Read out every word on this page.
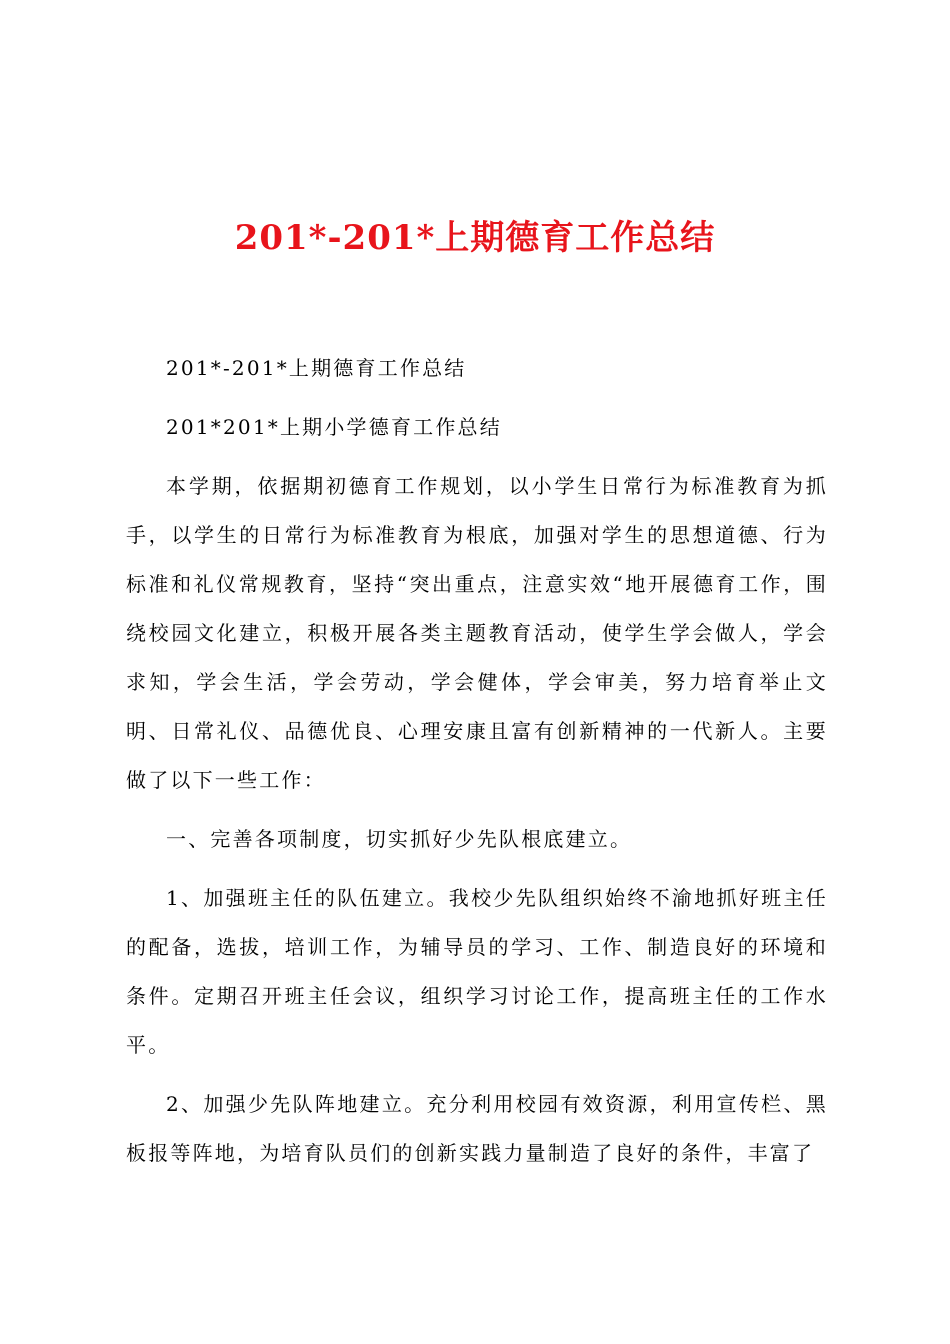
201*-201*上期德育工作总结

201*-201*上期德育工作总结

201*201*上期小学德育工作总结

本学期，依据期初德育工作规划，以小学生日常行为标准教育为抓手，以学生的日常行为标准教育为根底，加强对学生的思想道德、行为标准和礼仪常规教育，坚持“突出重点，注意实效“地开展德育工作，围绕校园文化建立，积极开展各类主题教育活动，使学生学会做人，学会求知，学会生活，学会劳动，学会健体，学会审美，努力培育举止文明、日常礼仪、品德优良、心理安康且富有创新精神的一代新人。主要做了以下一些工作：

一、完善各项制度，切实抓好少先队根底建立。

1、加强班主任的队伍建立。我校少先队组织始终不渝地抓好班主任的配备，选拔，培训工作，为辅导员的学习、工作、制造良好的环境和条件。定期召开班主任会议，组织学习讨论工作，提高班主任的工作水平。

2、加强少先队阵地建立。充分利用校园有效资源，利用宣传栏、黑板报等阵地，为培育队员们的创新实践力量制造了良好的条件，丰富了
